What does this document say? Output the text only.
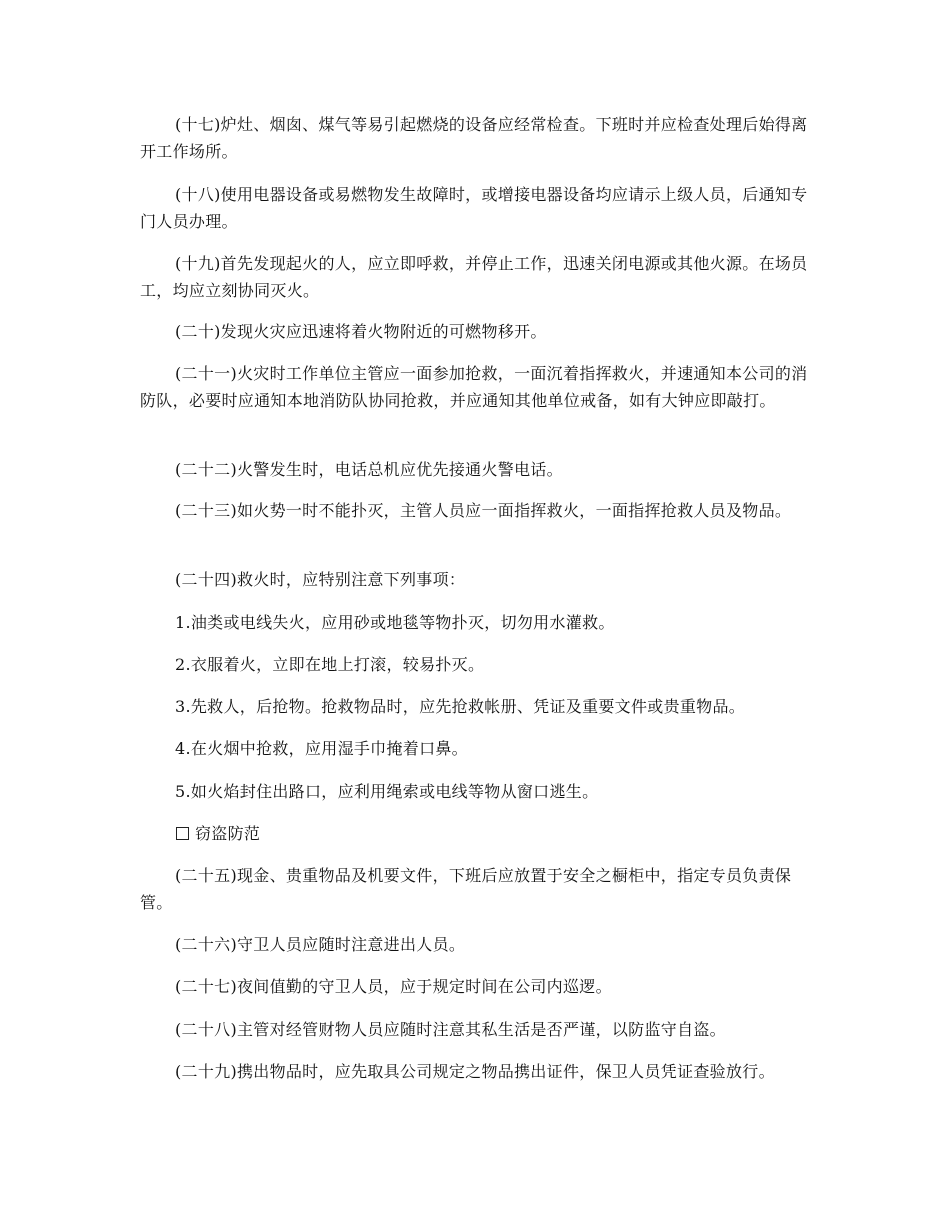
(十七)炉灶、烟囱、煤气等易引起燃烧的设备应经常检查。下班时并应检查处理后始得离开工作场所。

(十八)使用电器设备或易燃物发生故障时，或增接电器设备均应请示上级人员，后通知专门人员办理。

(十九)首先发现起火的人，应立即呼救，并停止工作，迅速关闭电源或其他火源。在场员工，均应立刻协同灭火。

(二十)发现火灾应迅速将着火物附近的可燃物移开。

(二十一)火灾时工作单位主管应一面参加抢救，一面沉着指挥救火，并速通知本公司的消防队，必要时应通知本地消防队协同抢救，并应通知其他单位戒备，如有大钟应即敲打。

(二十二)火警发生时，电话总机应优先接通火警电话。

(二十三)如火势一时不能扑灭，主管人员应一面指挥救火，一面指挥抢救人员及物品。

(二十四)救火时，应特别注意下列事项：

1.油类或电线失火，应用砂或地毯等物扑灭，切勿用水灌救。

2.衣服着火，立即在地上打滚，较易扑灭。

3.先救人，后抢物。抢救物品时，应先抢救帐册、凭证及重要文件或贵重物品。

4.在火烟中抢救，应用湿手巾掩着口鼻。

5.如火焰封住出路口，应利用绳索或电线等物从窗口逃生。

窃盗防范

(二十五)现金、贵重物品及机要文件，下班后应放置于安全之橱柜中，指定专员负责保管。

(二十六)守卫人员应随时注意进出人员。

(二十七)夜间值勤的守卫人员，应于规定时间在公司内巡逻。

(二十八)主管对经管财物人员应随时注意其私生活是否严谨，以防监守自盗。

(二十九)携出物品时，应先取具公司规定之物品携出证件，保卫人员凭证查验放行。
